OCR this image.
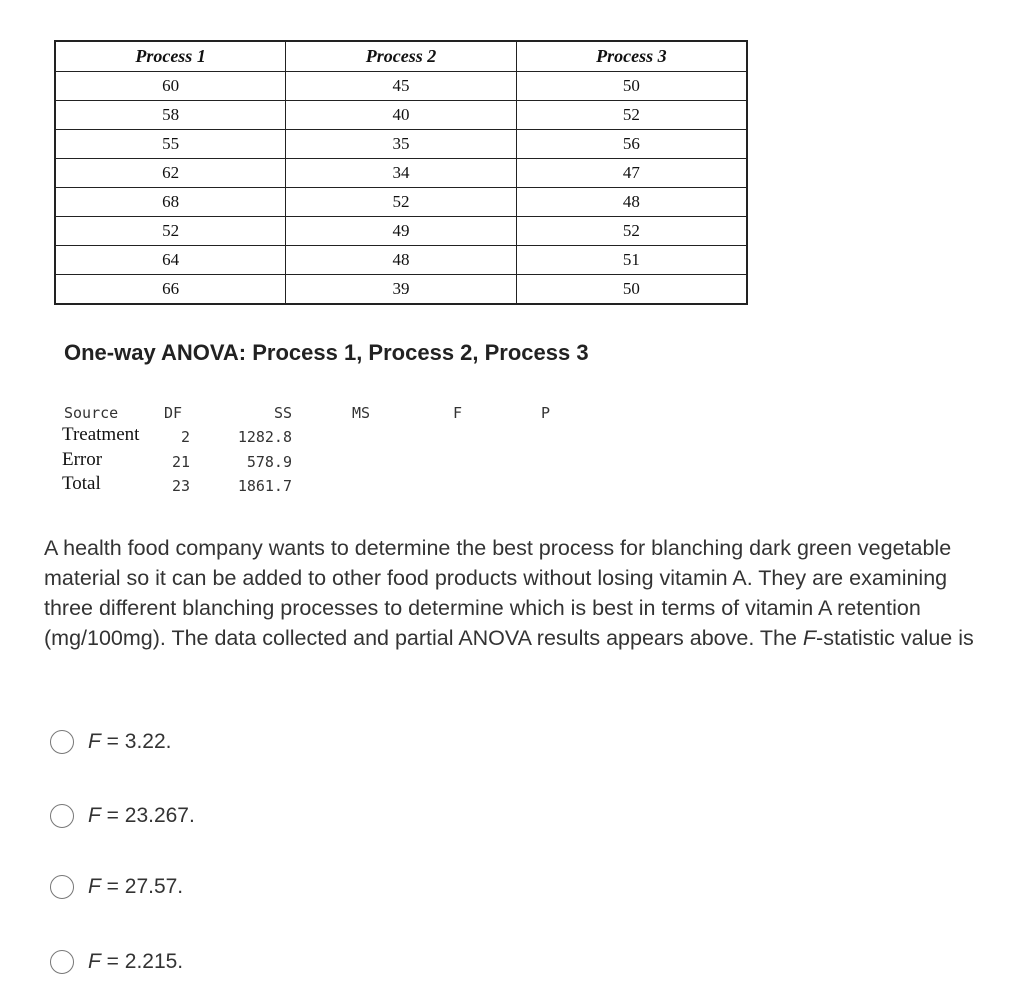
Process 1	Process 2	Process 3
60	45	50
58	40	52
55	35	56
62	34	47
68	52	48
52	49	52
64	48	51
66	39	50
One-way ANOVA: Process 1, Process 2, Process 3
Source	DF	SS	MS	F	P
Treatment	2	1282.8
Error	21	578.9
Total	23	1861.7

A health food company wants to determine the best process for blanching dark green vegetable material so it can be added to other food products without losing vitamin A. They are examining three different blanching processes to determine which is best in terms of vitamin A retention (mg/100mg). The data collected and partial ANOVA results appears above. The F-statistic value is

F = 3.22.
F = 23.267.
F = 27.57.
F = 2.215.
